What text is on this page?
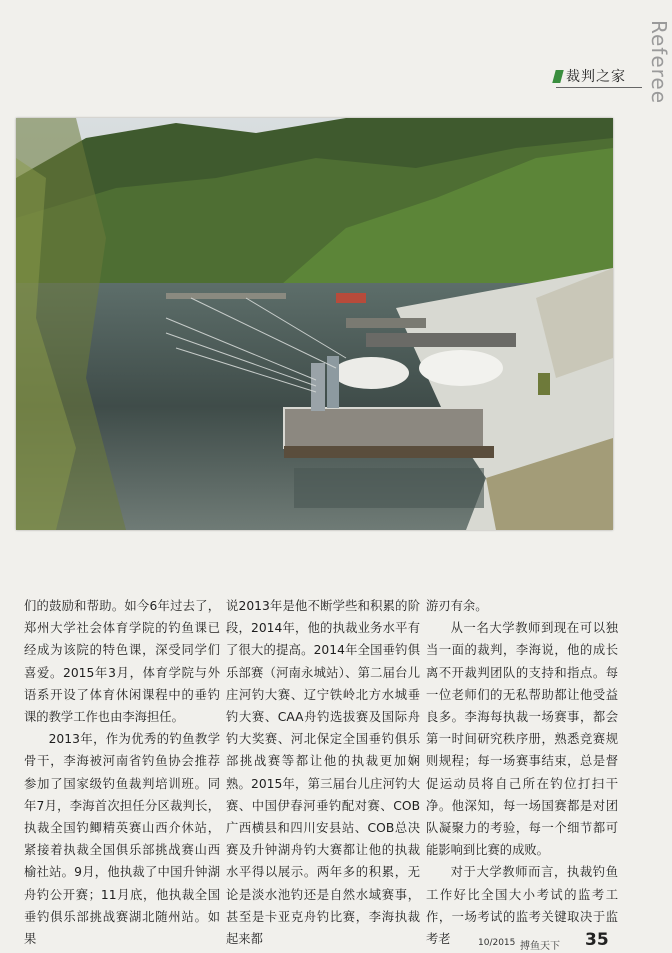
裁判之家 Referee

们的鼓励和帮助。如今6年过去了，郑州大学社会体育学院的钓鱼课已经成为该院的特色课，深受同学们喜爱。2015年3月，体育学院与外语系开设了体育休闲课程中的垂钓课的教学工作也由李海担任。

2013年，作为优秀的钓鱼教学骨干，李海被河南省钓鱼协会推荐参加了国家级钓鱼裁判培训班。同年7月，李海首次担任分区裁判长，执裁全国钓鲫精英赛山西介休站，紧接着执裁全国俱乐部挑战赛山西榆社站。9月，他执裁了中国升钟湖舟钓公开赛；11月底，他执裁全国垂钓俱乐部挑战赛湖北随州站。如果

说2013年是他不断学些和积累的阶段，2014年，他的执裁业务水平有了很大的提高。2014年全国垂钓俱乐部赛（河南永城站）、第二届台儿庄河钓大赛、辽宁铁岭北方水城垂钓大赛、CAA舟钓选拔赛及国际舟钓大奖赛、河北保定全国垂钓俱乐部挑战赛等都让他的执裁更加娴熟。2015年，第三届台儿庄河钓大赛、中国伊春河垂钓配对赛、COB广西横县和四川安县站、COB总决赛及升钟湖舟钓大赛都让他的执裁水平得以展示。两年多的积累，无论是淡水池钓还是自然水域赛事，甚至是卡亚克舟钓比赛，李海执裁起来都

游刃有余。

从一名大学教师到现在可以独当一面的裁判，李海说，他的成长离不开裁判团队的支持和指点。每一位老师们的无私帮助都让他受益良多。李海每执裁一场赛事，都会第一时间研究秩序册，熟悉竞赛规则规程；每一场赛事结束，总是督促运动员将自己所在钓位打扫干净。他深知，每一场国赛都是对团队凝聚力的考验，每一个细节都可能影响到比赛的成败。

对于大学教师而言，执裁钓鱼工作好比全国大小考试的监考工作，一场考试的监考关键取决于监考老	10/2015 搏鱼天下 35
